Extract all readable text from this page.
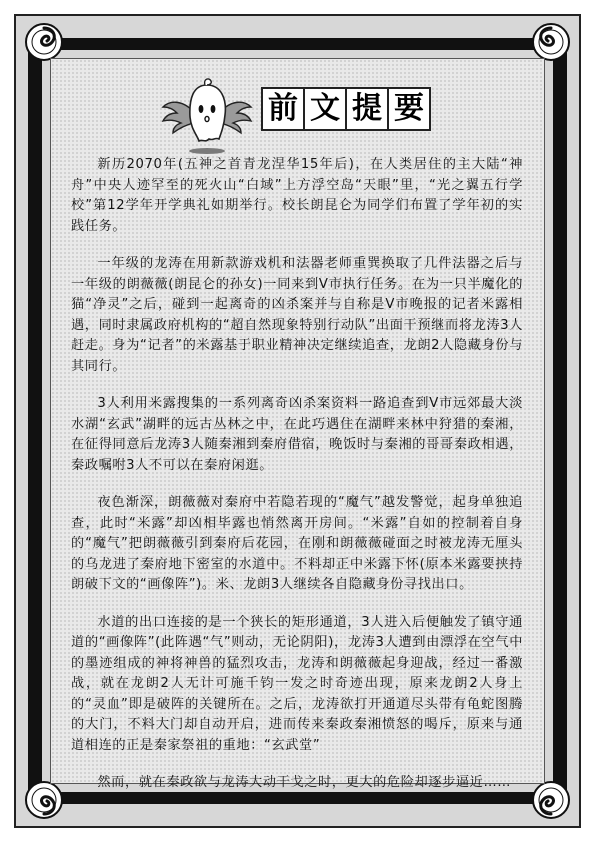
前 文 提 要

新历2070年(五神之首青龙涅华15年后)，在人类居住的主大陆“神舟”中央人迹罕至的死火山“白域”上方浮空岛“天眼”里，“光之翼五行学校”第12学年开学典礼如期举行。校长朗昆仑为同学们布置了学年初的实践任务。

一年级的龙涛在用新款游戏机和法器老师重巽换取了几件法器之后与一年级的朗薇薇(朗昆仑的孙女)一同来到V市执行任务。在为一只半魔化的猫“净灵”之后，碰到一起离奇的凶杀案并与自称是V市晚报的记者米露相遇，同时隶属政府机构的“超自然现象特别行动队”出面干预继而将龙涛3人赶走。身为“记者”的米露基于职业精神决定继续追查，龙朗2人隐藏身份与其同行。

3人利用米露搜集的一系列离奇凶杀案资料一路追查到V市远郊最大淡水湖“玄武”湖畔的远古丛林之中，在此巧遇住在湖畔来林中狩猎的秦湘，在征得同意后龙涛3人随秦湘到秦府借宿，晚饭时与秦湘的哥哥秦政相遇，秦政嘱咐3人不可以在秦府闲逛。

夜色渐深，朗薇薇对秦府中若隐若现的“魔气”越发警觉，起身单独追查，此时“米露”却凶相毕露也悄然离开房间。“米露”自如的控制着自身的“魔气”把朗薇薇引到秦府后花园，在刚和朗薇薇碰面之时被龙涛无厘头的乌龙进了秦府地下密室的水道中。不料却正中米露下怀(原本米露要挟持朗破下文的“画像阵”)。米、龙朗3人继续各自隐藏身份寻找出口。

水道的出口连接的是一个狭长的矩形通道，3人进入后便触发了镇守通道的“画像阵”(此阵遇“气”则动，无论阴阳)，龙涛3人遭到由漂浮在空气中的墨迹组成的神将神兽的猛烈攻击，龙涛和朗薇薇起身迎战，经过一番激战，就在龙朗2人无计可施千钧一发之时奇迹出现，原来龙朗2人身上的“灵血”即是破阵的关键所在。之后，龙涛欲打开通道尽头带有龟蛇图腾的大门，不料大门却自动开启，进而传来秦政秦湘愤怒的喝斥，原来与通道相连的正是秦家祭祖的重地：“玄武堂”

然而，就在秦政欲与龙涛大动干戈之时，更大的危险却逐步逼近……
